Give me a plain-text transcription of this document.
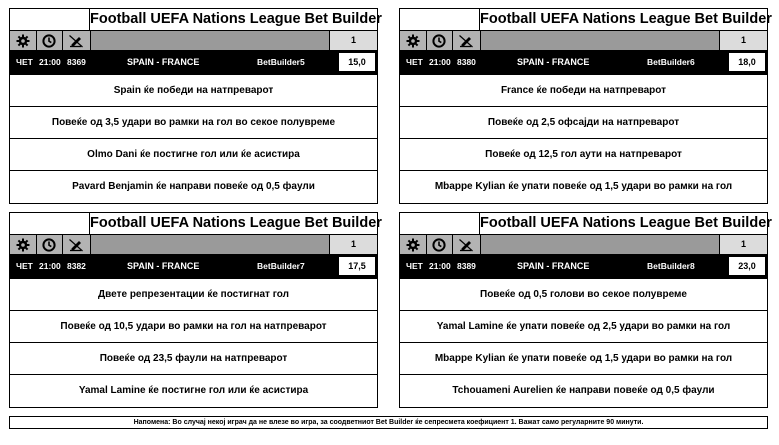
Football UEFA Nations League Bet Builder
1
ЧЕТ 21:00 8369	SPAIN - FRANCE	BetBuilder5	15,0
Spain ќе победи на натпреварот
Повеќе од 3,5 удари во рамки на гол во секое полувреме
Olmo Dani ќе постигне гол или ќе асистира
Pavard Benjamin ќе направи повеќе од 0,5 фаули
Football UEFA Nations League Bet Builder
1
ЧЕТ 21:00 8380	SPAIN - FRANCE	BetBuilder6	18,0
France ќе победи на натпреварот
Повеќе од 2,5 офсајди на натпреварот
Повеќе од 12,5 гол аути на натпреварот
Mbappe Kylian ќе упати повеќе од 1,5 удари во рамки на гол
Football UEFA Nations League Bet Builder
1
ЧЕТ 21:00 8382	SPAIN - FRANCE	BetBuilder7	17,5
Двете репрезентации ќе постигнат гол
Повеќе од 10,5 удари во рамки на гол на натпреварот
Повеќе од 23,5 фаули на натпреварот
Yamal Lamine ќе постигне гол или ќе асистира
Football UEFA Nations League Bet Builder
1
ЧЕТ 21:00 8389	SPAIN - FRANCE	BetBuilder8	23,0
Повеќе од 0,5 голови во секое полувреме
Yamal Lamine ќе упати повеќе од 2,5 удари во рамки на гол
Mbappe Kylian ќе упати повеќе од 1,5 удари во рамки на гол
Tchouameni Aurelien ќе направи повеќе од 0,5 фаули
Напомена: Во случај некој играч да не влезе во игра, за соодветниот Bet Builder ќе сепресмета коефициент 1. Важат само регуларните 90 минути.
